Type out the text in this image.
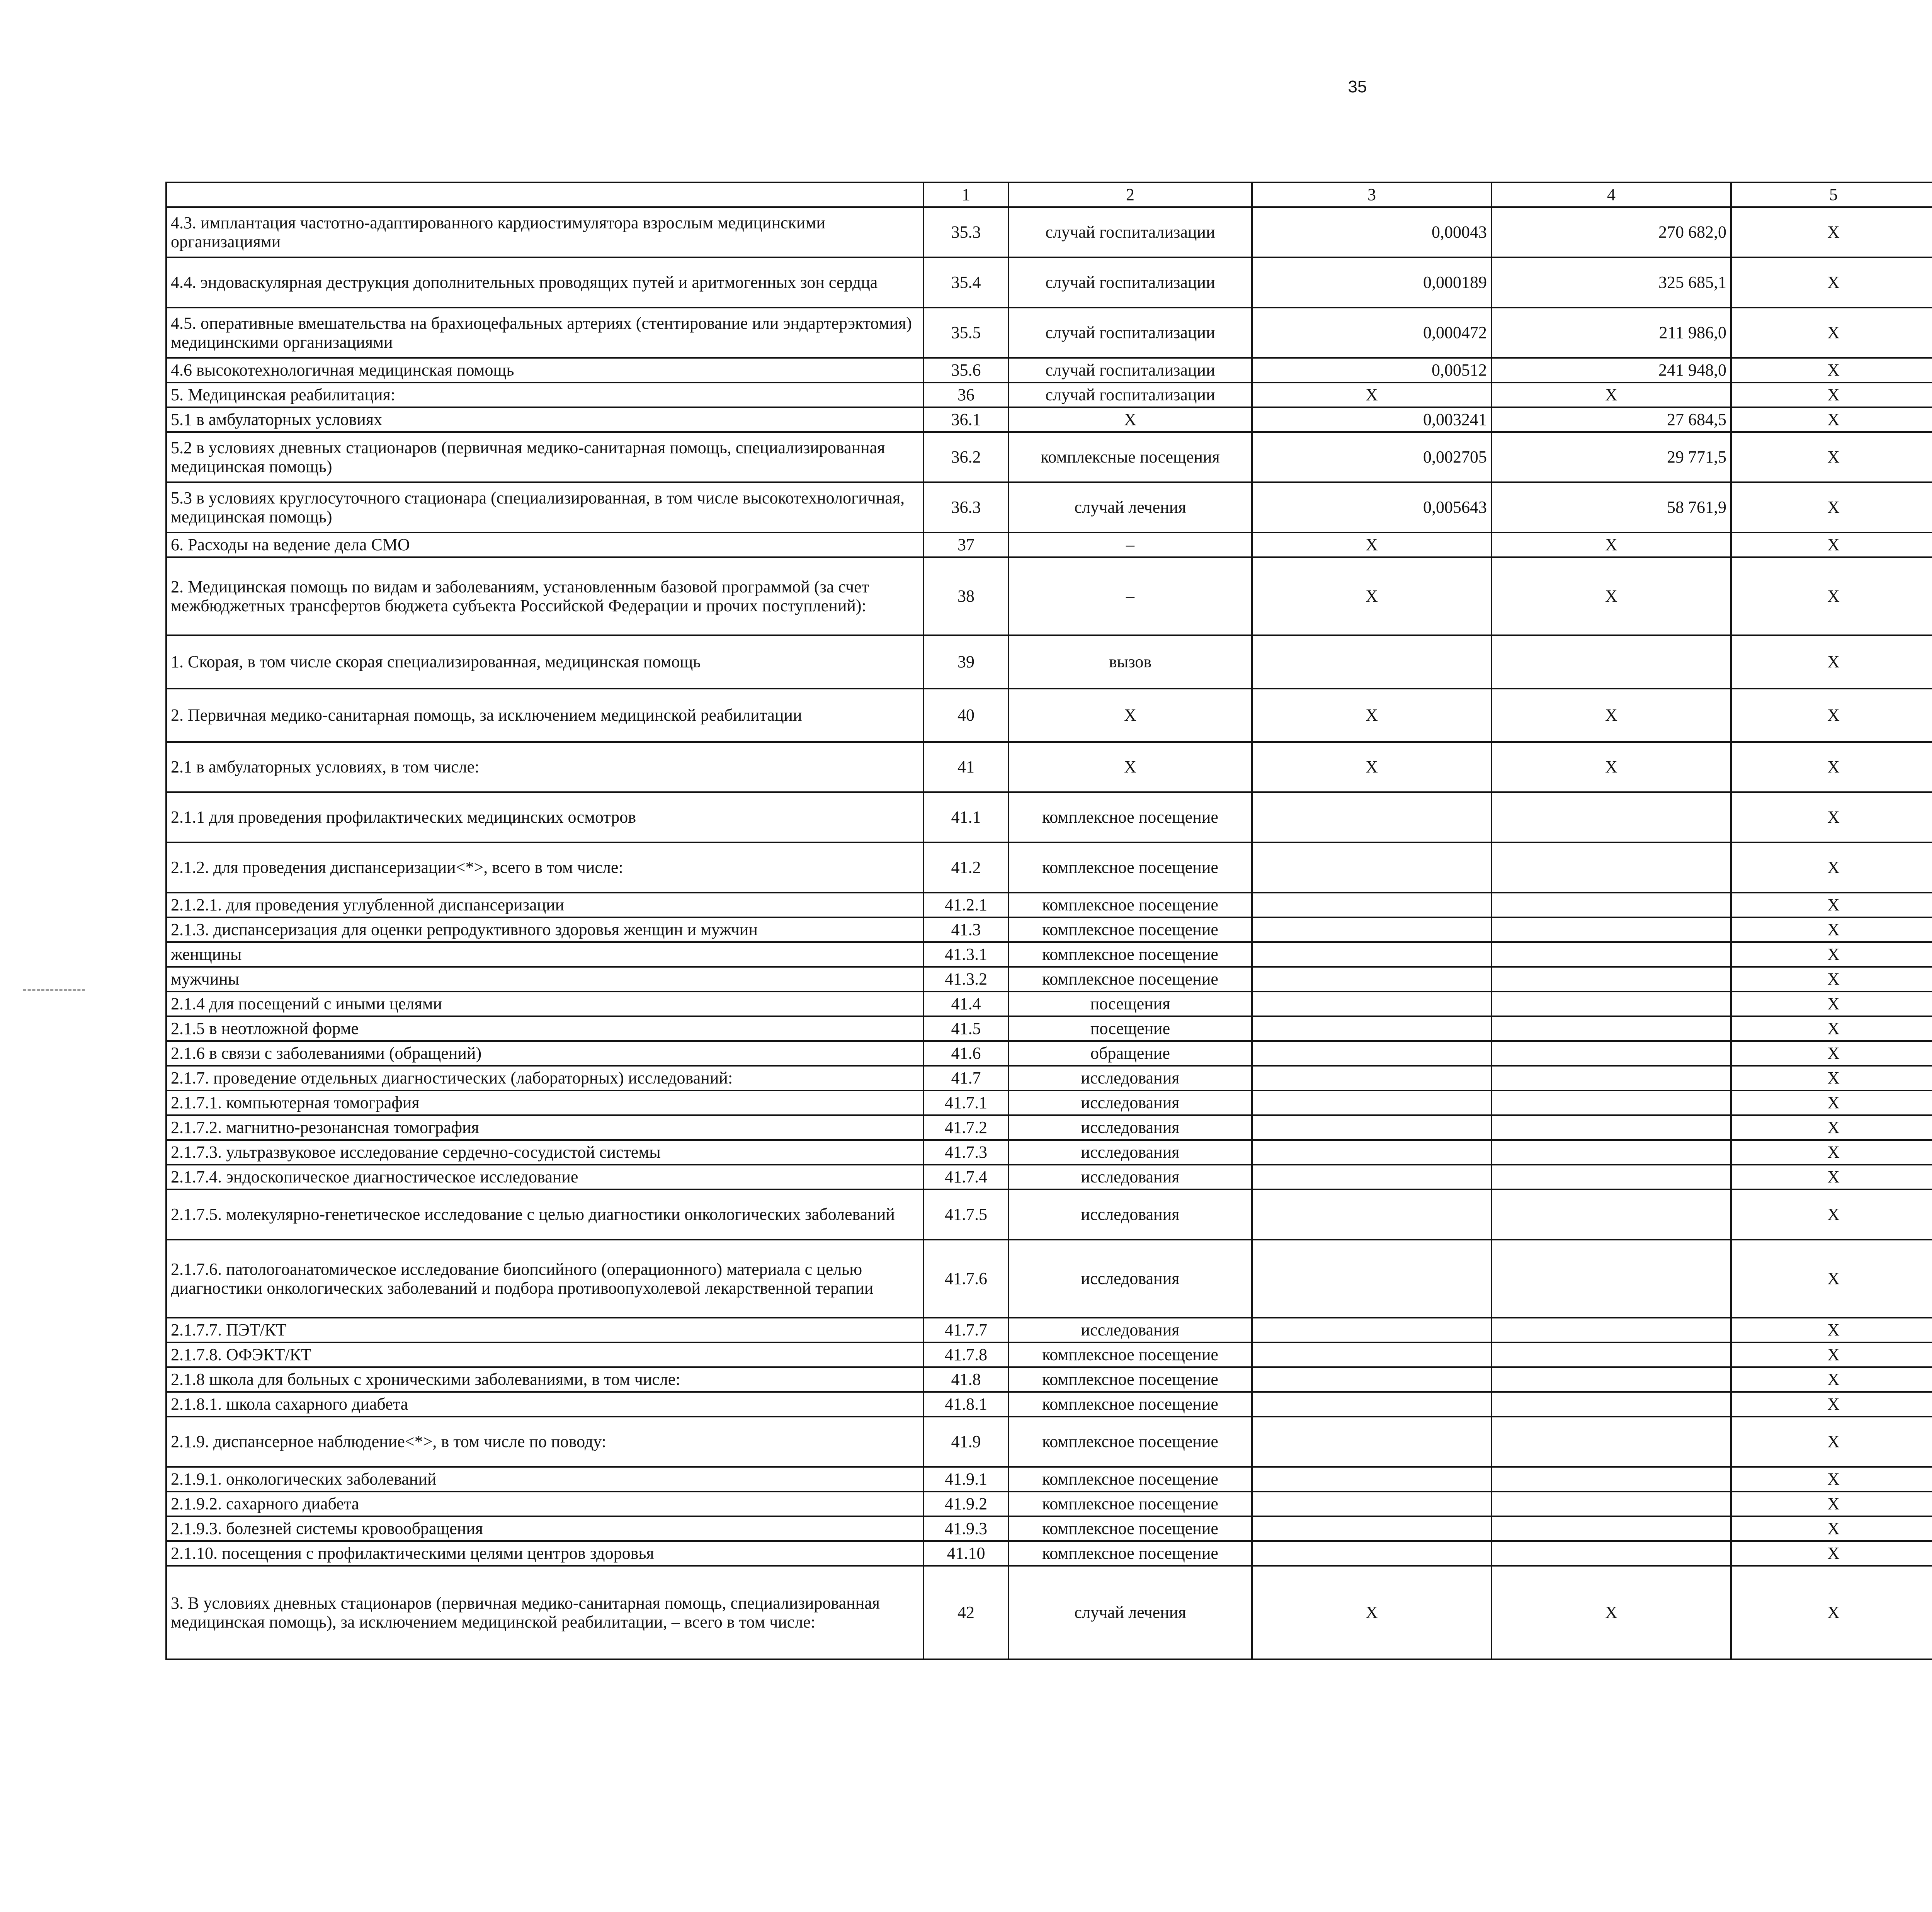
35
	1	2	3	4	5				
4.3. имплантация частотно-адаптированного кардиостимулятора взрослым медицинскими организациями	35.3	случай госпитализации	0,00043	270 682,0	X				
4.4. эндоваскулярная деструкция дополнительных проводящих путей и аритмогенных зон сердца	35.4	случай госпитализации	0,000189	325 685,1	X				
4.5. оперативные вмешательства на брахиоцефальных артериях (стентирование или эндартерэктомия) медицинскими организациями	35.5	случай госпитализации	0,000472	211 986,0	X				
4.6 высокотехнологичная медицинская помощь	35.6	случай госпитализации	0,00512	241 948,0	X				
5. Медицинская реабилитация:	36	случай госпитализации	X	X	X				
5.1 в амбулаторных условиях	36.1	X	0,003241	27 684,5	X				
5.2 в условиях дневных стационаров (первичная медико-санитарная помощь, специализированная медицинская помощь)	36.2	комплексные посещения	0,002705	29 771,5	X				
5.3 в условиях круглосуточного стационара (специализированная, в том числе высокотехнологичная, медицинская помощь)	36.3	случай лечения	0,005643	58 761,9	X				
6. Расходы на ведение дела СМО	37	–	X	X	X				
2. Медицинская помощь по видам и заболеваниям, установленным базовой программой (за счет межбюджетных трансфертов бюджета субъекта Российской Федерации и прочих поступлений):	38	–	X	X	X				
1. Скорая, в том числе скорая специализированная, медицинская помощь	39	вызов			X				
2. Первичная медико-санитарная помощь, за исключением медицинской реабилитации	40	X	X	X	X				
2.1 в амбулаторных условиях, в том числе:	41	X	X	X	X				
2.1.1 для проведения профилактических медицинских осмотров	41.1	комплексное посещение			X				
2.1.2. для проведения диспансеризации<*>, всего в том числе:	41.2	комплексное посещение			X				
2.1.2.1. для проведения углубленной диспансеризации	41.2.1	комплексное посещение			X				
2.1.3. диспансеризация для оценки репродуктивного здоровья женщин и мужчин	41.3	комплексное посещение			X				
женщины	41.3.1	комплексное посещение			X				
мужчины	41.3.2	комплексное посещение			X				
2.1.4 для посещений с иными целями	41.4	посещения			X				
2.1.5 в неотложной форме	41.5	посещение			X				
2.1.6 в связи с заболеваниями (обращений)	41.6	обращение			X				
2.1.7. проведение отдельных диагностических (лабораторных) исследований:	41.7	исследования			X				
2.1.7.1. компьютерная томография	41.7.1	исследования			X				
2.1.7.2. магнитно-резонансная томография	41.7.2	исследования			X				
2.1.7.3. ультразвуковое исследование сердечно-сосудистой системы	41.7.3	исследования			X				
2.1.7.4. эндоскопическое диагностическое исследование	41.7.4	исследования			X				
2.1.7.5. молекулярно-генетическое исследование с целью диагностики онкологических заболеваний	41.7.5	исследования			X				
2.1.7.6. патологоанатомическое исследование биопсийного (операционного) материала с целью диагностики онкологических заболеваний и подбора противоопухолевой лекарственной терапии	41.7.6	исследования			X				
2.1.7.7. ПЭТ/КТ	41.7.7	исследования			X				
2.1.7.8. ОФЭКТ/КТ	41.7.8	комплексное посещение			X				
2.1.8 школа для больных с хроническими заболеваниями, в том числе:	41.8	комплексное посещение			X				
2.1.8.1. школа сахарного диабета	41.8.1	комплексное посещение			X				
2.1.9. диспансерное наблюдение<*>, в том числе по поводу:	41.9	комплексное посещение			X				
2.1.9.1. онкологических заболеваний	41.9.1	комплексное посещение			X				
2.1.9.2. сахарного диабета	41.9.2	комплексное посещение			X				
2.1.9.3. болезней системы кровообращения	41.9.3	комплексное посещение			X				
2.1.10. посещения с профилактическими целями центров здоровья	41.10	комплексное посещение			X				
3. В условиях дневных стационаров (первичная медико-санитарная помощь, специализированная медицинская помощь), за исключением медицинской реабилитации, – всего в том числе:	42	случай лечения	X	X	X				
